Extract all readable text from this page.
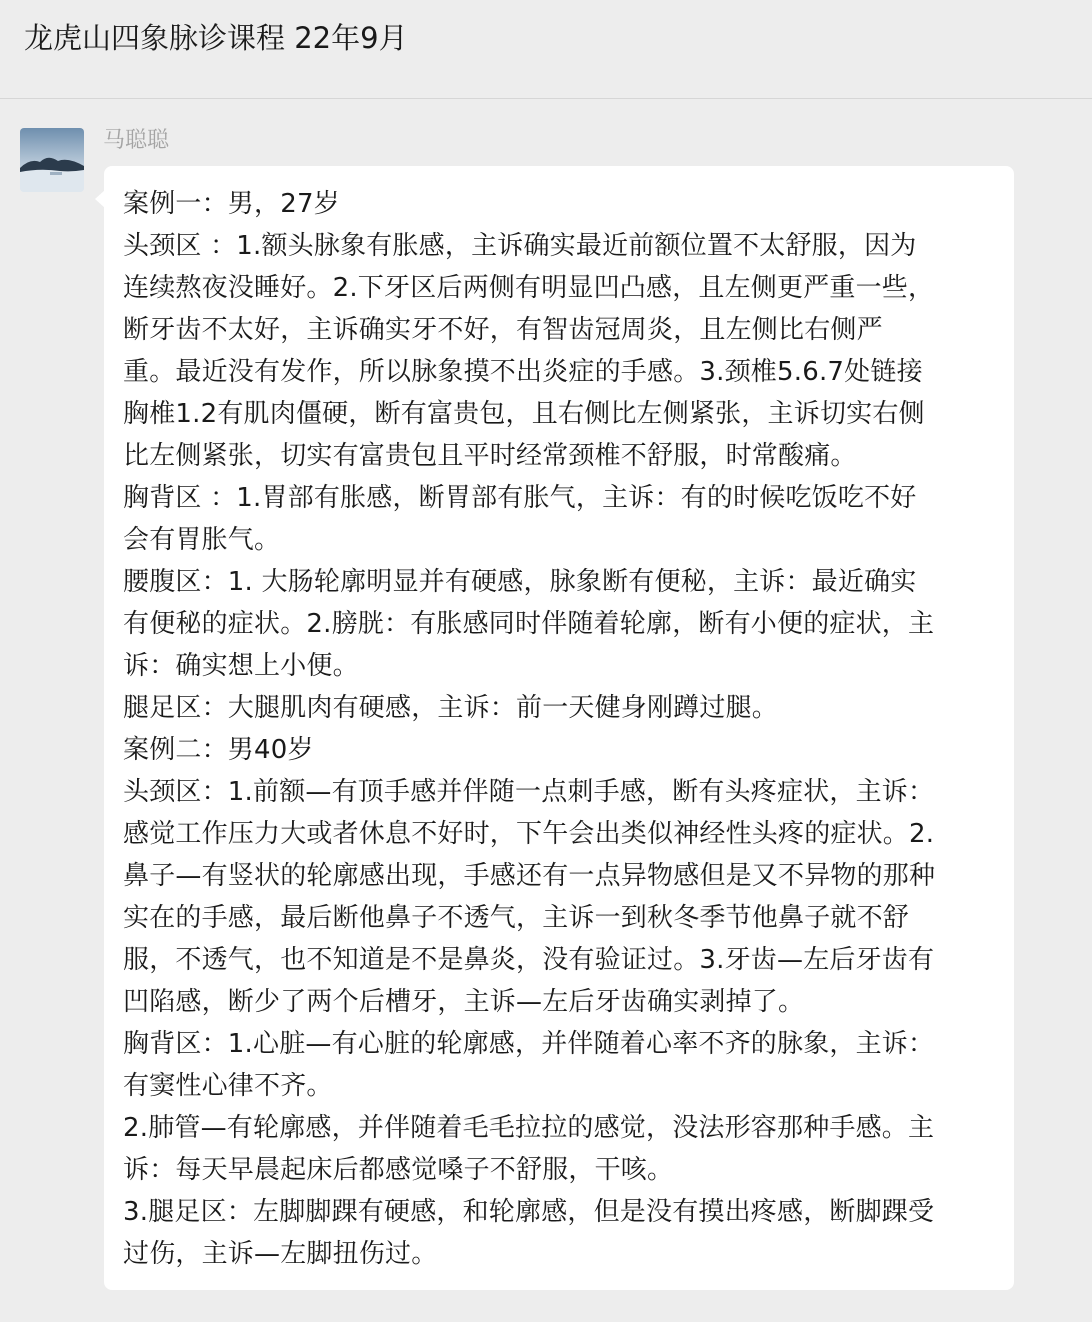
龙虎山四象脉诊课程 22年9月
马聪聪
案例一：男，27岁
头颈区 ：1.额头脉象有胀感，主诉确实最近前额位置不太舒服，因为
连续熬夜没睡好。2.下牙区后两侧有明显凹凸感，且左侧更严重一些，
断牙齿不太好，主诉确实牙不好，有智齿冠周炎，且左侧比右侧严
重。最近没有发作，所以脉象摸不出炎症的手感。3.颈椎5.6.7处链接
胸椎1.2有肌肉僵硬，断有富贵包，且右侧比左侧紧张，主诉切实右侧
比左侧紧张，切实有富贵包且平时经常颈椎不舒服，时常酸痛。
胸背区 ：1.胃部有胀感，断胃部有胀气，主诉：有的时候吃饭吃不好
会有胃胀气。
腰腹区：1. 大肠轮廓明显并有硬感，脉象断有便秘，主诉：最近确实
有便秘的症状。2.膀胱：有胀感同时伴随着轮廓，断有小便的症状，主
诉：确实想上小便。
腿足区：大腿肌肉有硬感，主诉：前一天健身刚蹲过腿。
案例二：男40岁
头颈区：1.前额—有顶手感并伴随一点刺手感，断有头疼症状，主诉：
感觉工作压力大或者休息不好时，下午会出类似神经性头疼的症状。2.
鼻子—有竖状的轮廓感出现，手感还有一点异物感但是又不异物的那种
实在的手感，最后断他鼻子不透气，主诉一到秋冬季节他鼻子就不舒
服，不透气，也不知道是不是鼻炎，没有验证过。3.牙齿—左后牙齿有
凹陷感，断少了两个后槽牙，主诉—左后牙齿确实剥掉了。
胸背区：1.心脏—有心脏的轮廓感，并伴随着心率不齐的脉象，主诉：
有窦性心律不齐。
2.肺管—有轮廓感，并伴随着毛毛拉拉的感觉，没法形容那种手感。主
诉：每天早晨起床后都感觉嗓子不舒服，干咳。
3.腿足区：左脚脚踝有硬感，和轮廓感，但是没有摸出疼感，断脚踝受
过伤，主诉—左脚扭伤过。
